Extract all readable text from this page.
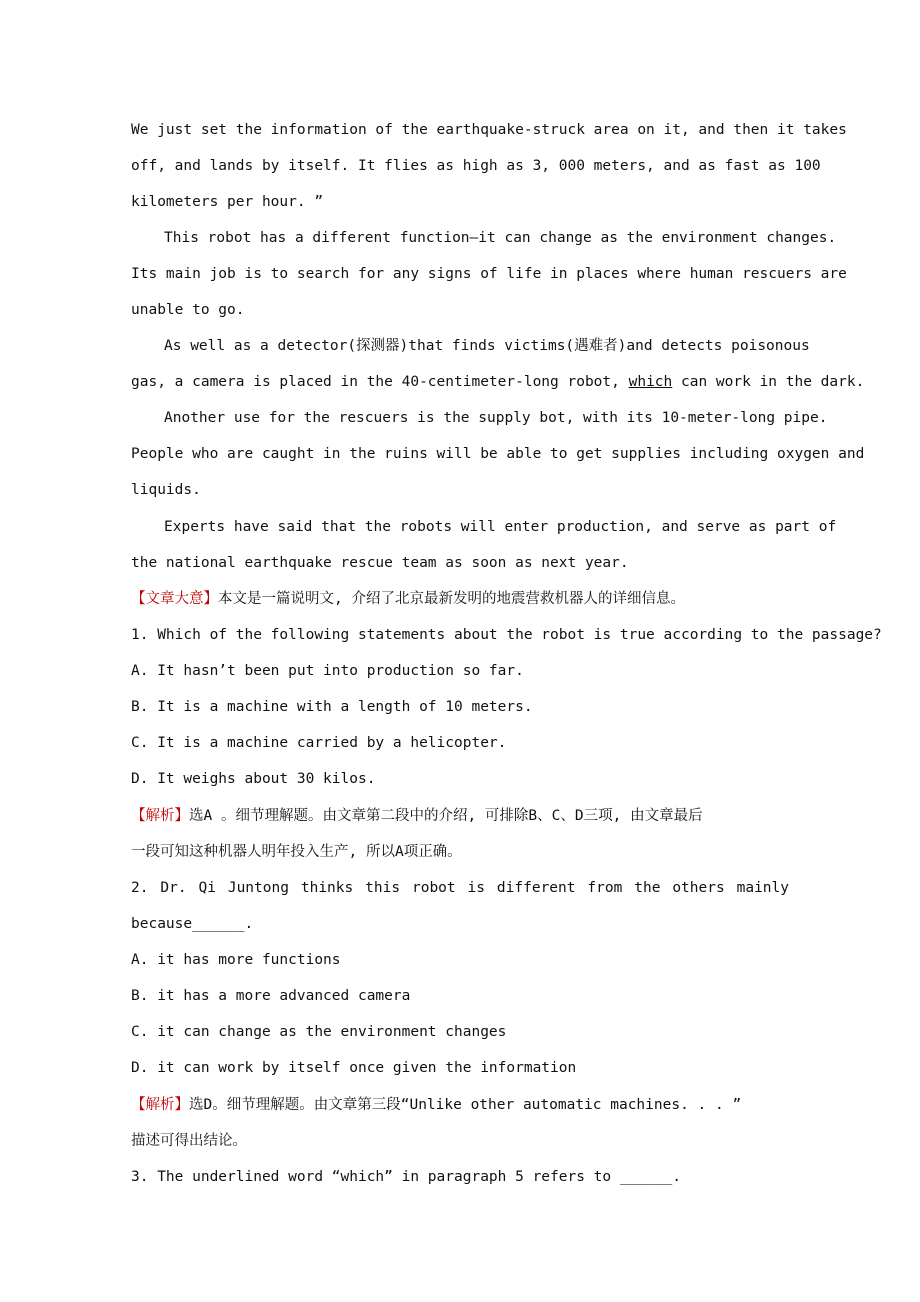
We just set the information of the earthquake-struck area on it, and then it takes
off, and lands by itself. It flies as high as 3, 000 meters, and as fast as 100
kilometers per hour. ”
This robot has a different function—it can change as the environment changes.
Its main job is to search for any signs of life in places where human rescuers are
unable to go.
As well as a detector(探测器)that finds victims(遇难者)and detects poisonous
gas, a camera is placed in the 40-centimeter-long robot, which can work in the dark.
Another use for the rescuers is the supply bot, with its 10-meter-long pipe.
People who are caught in the ruins will be able to get supplies including oxygen and
liquids.
Experts have said that the robots will enter production, and serve as part of
the national earthquake rescue team as soon as next year.
【文章大意】本文是一篇说明文, 介绍了北京最新发明的地震营救机器人的详细信息。
1. Which of the following statements about the robot is true according to the passage?
A. It hasn’t been put into production so far.
B. It is a machine with a length of 10 meters.
C. It is a machine carried by a helicopter.
D. It weighs about 30 kilos.
【解析】选A 。细节理解题。由文章第二段中的介绍, 可排除B、C、D三项, 由文章最后
一段可知这种机器人明年投入生产, 所以A项正确。
2. Dr. Qi Juntong thinks this robot is different from the others mainly
because______.
A. it has more functions
B. it has a more advanced camera
C. it can change as the environment changes
D. it can work by itself once given the information
【解析】选D。细节理解题。由文章第三段“Unlike other automatic machines. . . ”
描述可得出结论。
3. The underlined word “which” in paragraph 5 refers to ______.
